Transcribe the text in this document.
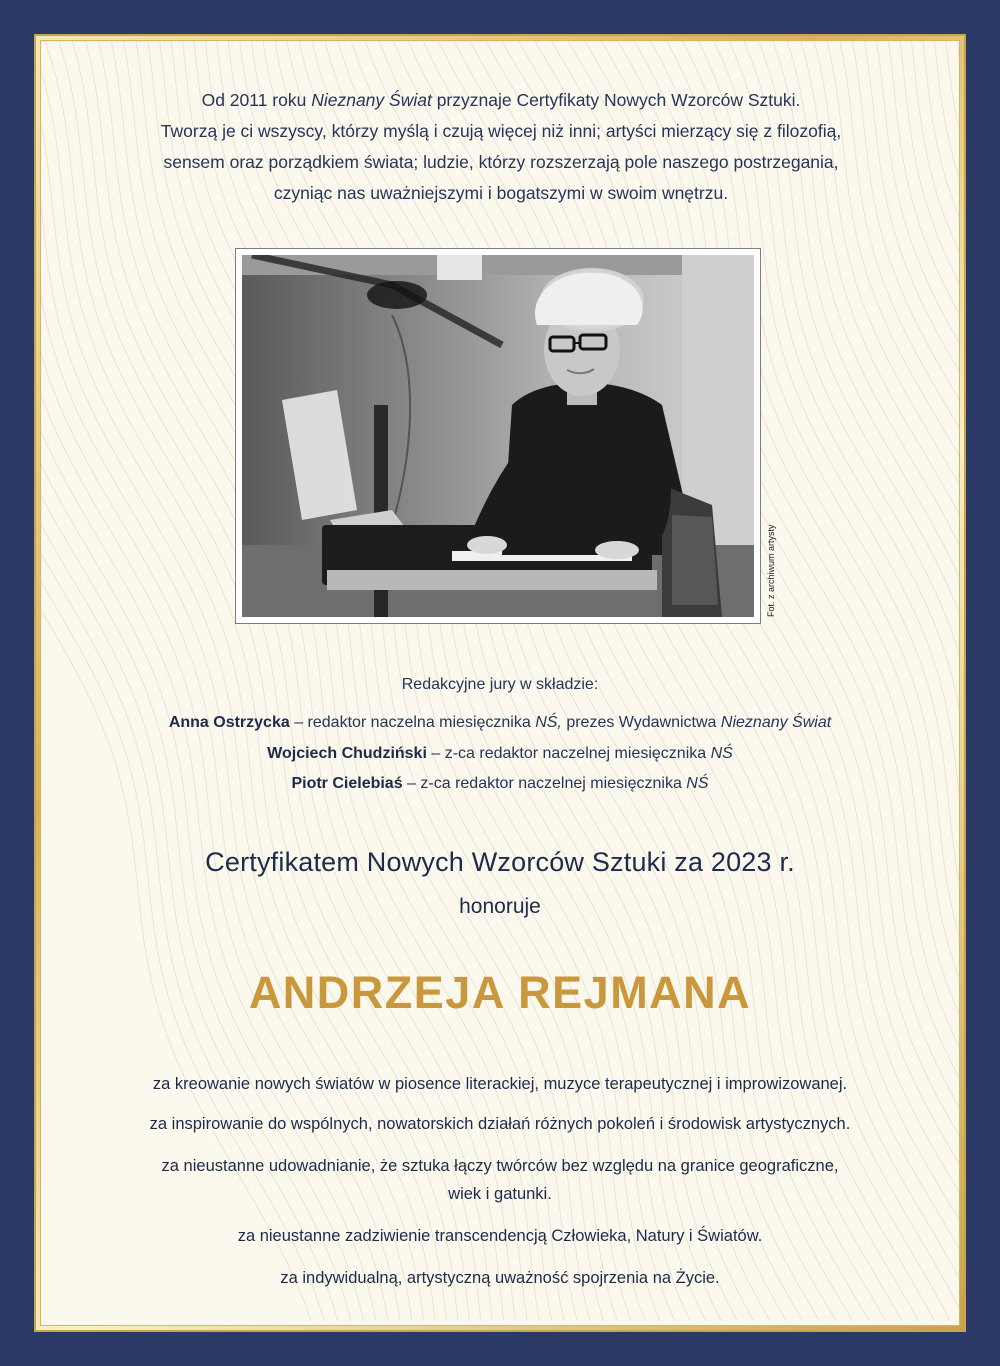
Od 2011 roku Nieznany Świat przyznaje Certyfikaty Nowych Wzorców Sztuki.
Tworzą je ci wszyscy, którzy myślą i czują więcej niż inni; artyści mierzący się z filozofią,
sensem oraz porządkiem świata; ludzie, którzy rozszerzają pole naszego postrzegania,
czyniąc nas uważniejszymi i bogatszymi w swoim wnętrzu.

Fot. z archiwum artysty
Redakcyjne jury w składzie:
Anna Ostrzycka – redaktor naczelna miesięcznika NŚ, prezes Wydawnictwa Nieznany Świat
Wojciech Chudziński – z-ca redaktor naczelnej miesięcznika NŚ
Piotr Cielebiaś – z-ca redaktor naczelnej miesięcznika NŚ
Certyfikatem Nowych Wzorców Sztuki za 2023 r.
honoruje
ANDRZEJA REJMANA
za kreowanie nowych światów w piosence literackiej, muzyce terapeutycznej i improwizowanej.
za inspirowanie do wspólnych, nowatorskich działań różnych pokoleń i środowisk artystycznych.
za nieustanne udowadnianie, że sztuka łączy twórców bez względu na granice geograficzne,
wiek i gatunki.
za nieustanne zadziwienie transcendencją Człowieka, Natury i Światów.
za indywidualną, artystyczną uważność spojrzenia na Życie.
